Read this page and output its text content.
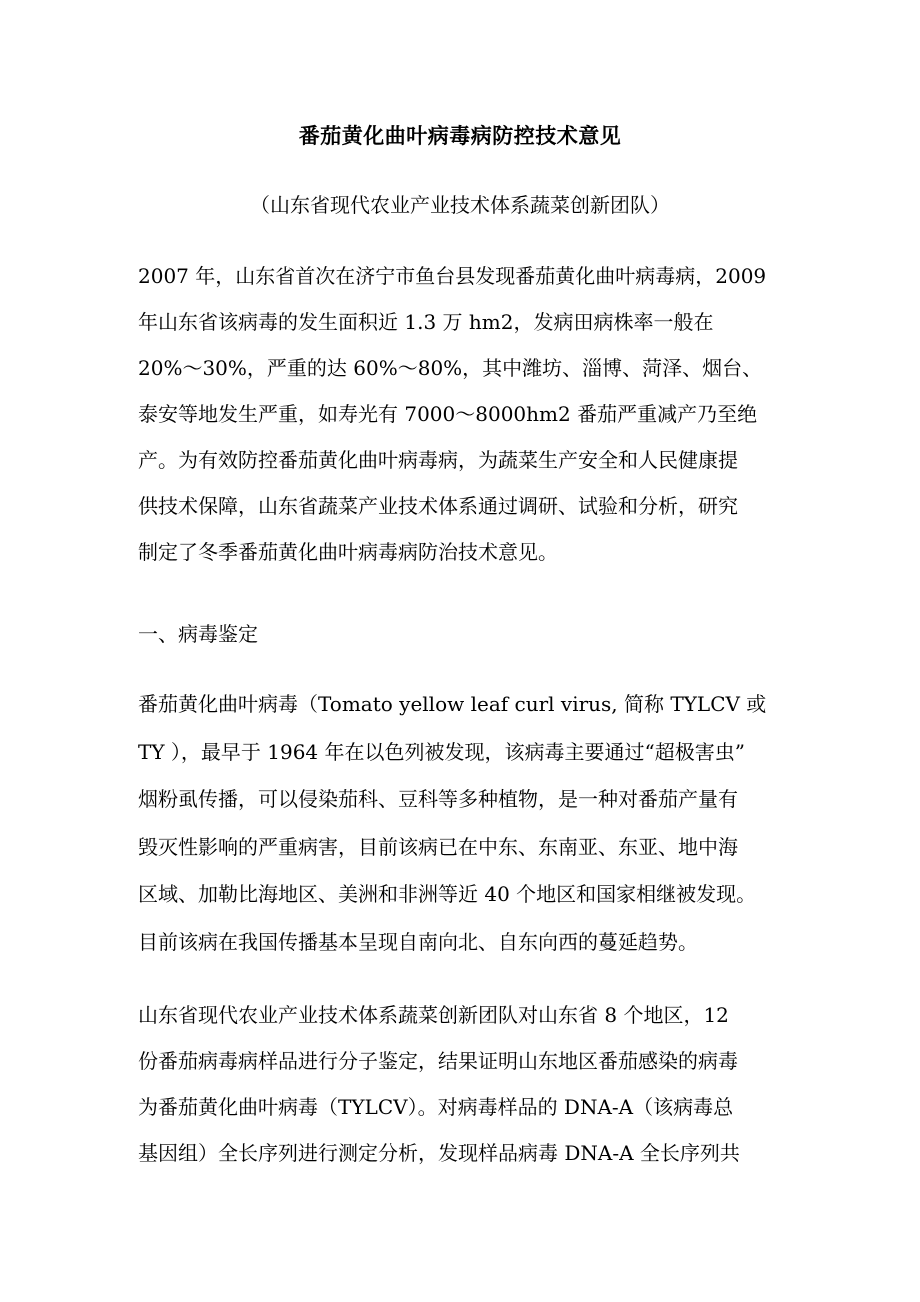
番茄黄化曲叶病毒病防控技术意见
（山东省现代农业产业技术体系蔬菜创新团队）
2007 年，山东省首次在济宁市鱼台县发现番茄黄化曲叶病毒病，2009
年山东省该病毒的发生面积近 1.3 万 hm2，发病田病株率一般在
20%～30%，严重的达 60%～80%，其中潍坊、淄博、菏泽、烟台、
泰安等地发生严重，如寿光有 7000～8000hm2 番茄严重减产乃至绝
产。为有效防控番茄黄化曲叶病毒病，为蔬菜生产安全和人民健康提
供技术保障，山东省蔬菜产业技术体系通过调研、试验和分析，研究
制定了冬季番茄黄化曲叶病毒病防治技术意见。
一、病毒鉴定
番茄黄化曲叶病毒（Tomato yellow leaf curl virus, 简称 TYLCV 或
TY ），最早于 1964 年在以色列被发现，该病毒主要通过“超极害虫”
烟粉虱传播，可以侵染茄科、豆科等多种植物，是一种对番茄产量有
毁灭性影响的严重病害，目前该病已在中东、东南亚、东亚、地中海
区域、加勒比海地区、美洲和非洲等近 40 个地区和国家相继被发现。
目前该病在我国传播基本呈现自南向北、自东向西的蔓延趋势。
山东省现代农业产业技术体系蔬菜创新团队对山东省 8 个地区，12
份番茄病毒病样品进行分子鉴定，结果证明山东地区番茄感染的病毒
为番茄黄化曲叶病毒（TYLCV）。对病毒样品的 DNA-A（该病毒总
基因组）全长序列进行测定分析，发现样品病毒 DNA-A 全长序列共
